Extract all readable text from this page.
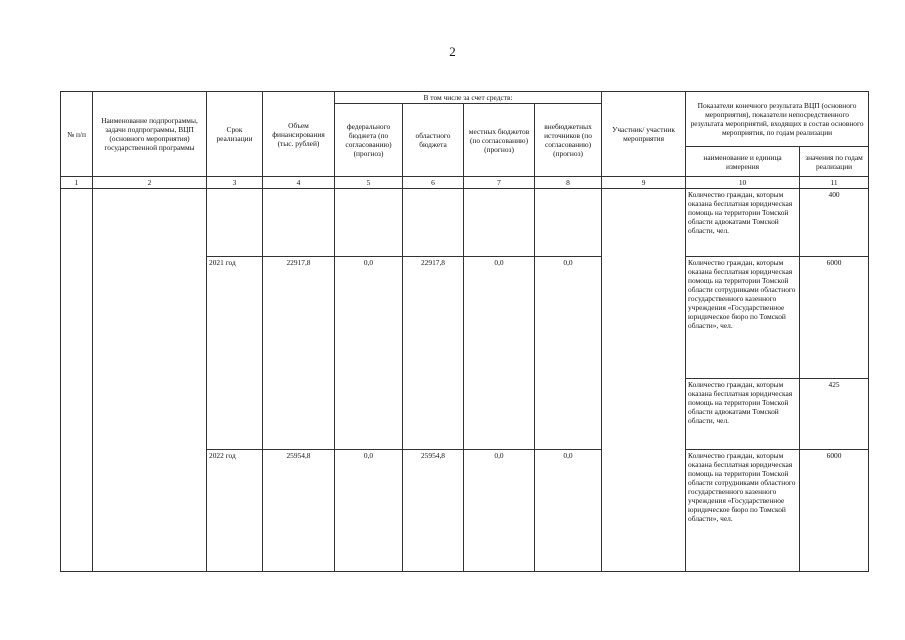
2
№ п/п	Наименование подпрограммы, задачи подпрограммы, ВЦП (основного мероприятия) государственной программы	Срок реализации	Объем финансирования (тыс. рублей)	В том числе за счет средств:				Участник/ участник мероприятия	Показатели конечного результата ВЦП (основного мероприятия), показатели непосредственного результата мероприятий, входящих в состав основного мероприятия, по годам реализации	
				федерального бюджета (по согласованию) (прогноз)	областного бюджета	местных бюджетов (по согласованию) (прогноз)	внебюджетных источников (по согласованию) (прогноз)			
									наименование и единица измерения	значения по годам реализации
1	2	3	4	5	6	7	8	9	10	11
									Количество граждан, которым оказана бесплатная юридическая помощь на территории Томской области адвокатами Томской области, чел.	400
		2021 год	22917,8	0,0	22917,8	0,0	0,0		Количество граждан, которым оказана бесплатная юридическая помощь на территории Томской области сотрудниками областного государственного казенного учреждения «Государственное юридическое бюро по Томской области», чел.	6000
									Количество граждан, которым оказана бесплатная юридическая помощь на территории Томской области адвокатами Томской области, чел.	425
		2022 год	25954,8	0,0	25954,8	0,0	0,0		Количество граждан, которым оказана бесплатная юридическая помощь на территории Томской области сотрудниками областного государственного казенного учреждения «Государственное юридическое бюро по Томской области», чел.	6000
